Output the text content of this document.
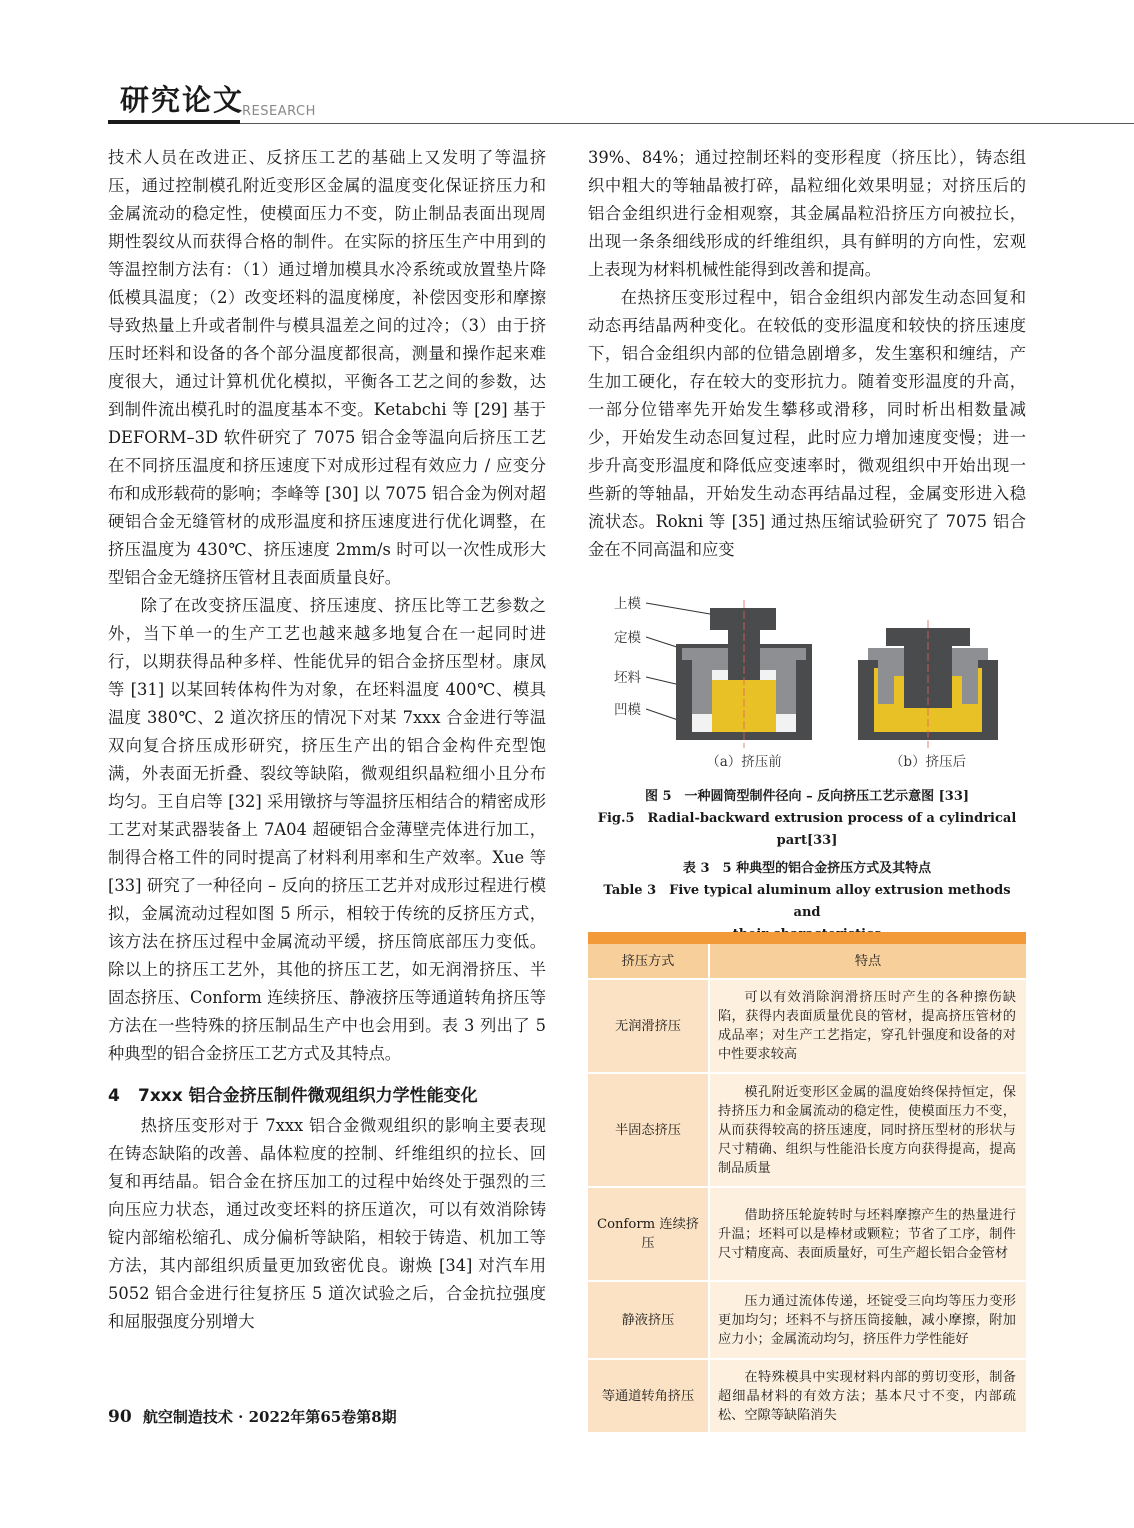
研究论文
RESEARCH

技术人员在改进正、反挤压工艺的基础上又发明了等温挤压，通过控制模孔附近变形区金属的温度变化保证挤压力和金属流动的稳定性，使模面压力不变，防止制品表面出现周期性裂纹从而获得合格的制件。在实际的挤压生产中用到的等温控制方法有：（1）通过增加模具水冷系统或放置垫片降低模具温度；（2）改变坯料的温度梯度，补偿因变形和摩擦导致热量上升或者制件与模具温差之间的过冷；（3）由于挤压时坯料和设备的各个部分温度都很高，测量和操作起来难度很大，通过计算机优化模拟，平衡各工艺之间的参数，达到制件流出模孔时的温度基本不变。Ketabchi 等 [29] 基于 DEFORM–3D 软件研究了 7075 铝合金等温向后挤压工艺在不同挤压温度和挤压速度下对成形过程有效应力 / 应变分布和成形载荷的影响；李峰等 [30] 以 7075 铝合金为例对超硬铝合金无缝管材的成形温度和挤压速度进行优化调整，在挤压温度为 430℃、挤压速度 2mm/s 时可以一次性成形大型铝合金无缝挤压管材且表面质量良好。

除了在改变挤压温度、挤压速度、挤压比等工艺参数之外，当下单一的生产工艺也越来越多地复合在一起同时进行，以期获得品种多样、性能优异的铝合金挤压型材。康凤等 [31] 以某回转体构件为对象，在坯料温度 400℃、模具温度 380℃、2 道次挤压的情况下对某 7xxx 合金进行等温双向复合挤压成形研究，挤压生产出的铝合金构件充型饱满，外表面无折叠、裂纹等缺陷，微观组织晶粒细小且分布均匀。王自启等 [32] 采用镦挤与等温挤压相结合的精密成形工艺对某武器装备上 7A04 超硬铝合金薄壁壳体进行加工，制得合格工件的同时提高了材料利用率和生产效率。Xue 等 [33] 研究了一种径向 – 反向的挤压工艺并对成形过程进行模拟，金属流动过程如图 5 所示，相较于传统的反挤压方式，该方法在挤压过程中金属流动平缓，挤压筒底部压力变低。除以上的挤压工艺外，其他的挤压工艺，如无润滑挤压、半固态挤压、Conform 连续挤压、静液挤压等通道转角挤压等方法在一些特殊的挤压制品生产中也会用到。表 3 列出了 5 种典型的铝合金挤压工艺方式及其特点。

4 7xxx 铝合金挤压制件微观组织力学性能变化

热挤压变形对于 7xxx 铝合金微观组织的影响主要表现在铸态缺陷的改善、晶体粒度的控制、纤维组织的拉长、回复和再结晶。铝合金在挤压加工的过程中始终处于强烈的三向压应力状态，通过改变坯料的挤压道次，可以有效消除铸锭内部缩松缩孔、成分偏析等缺陷，相较于铸造、机加工等方法，其内部组织质量更加致密优良。谢焕 [34] 对汽车用 5052 铝合金进行往复挤压 5 道次试验之后，合金抗拉强度和屈服强度分别增大

39%、84%；通过控制坯料的变形程度（挤压比），铸态组织中粗大的等轴晶被打碎，晶粒细化效果明显；对挤压后的铝合金组织进行金相观察，其金属晶粒沿挤压方向被拉长，出现一条条细线形成的纤维组织，具有鲜明的方向性，宏观上表现为材料机械性能得到改善和提高。

在热挤压变形过程中，铝合金组织内部发生动态回复和动态再结晶两种变化。在较低的变形温度和较快的挤压速度下，铝合金组织内部的位错急剧增多，发生塞积和缠结，产生加工硬化，存在较大的变形抗力。随着变形温度的升高，一部分位错率先开始发生攀移或滑移，同时析出相数量减少，开始发生动态回复过程，此时应力增加速度变慢；进一步升高变形温度和降低应变速率时，微观组织中开始出现一些新的等轴晶，开始发生动态再结晶过程，金属变形进入稳流状态。Rokni 等 [35] 通过热压缩试验研究了 7075 铝合金在不同高温和应变

上模
定模
坯料
凹模
（a）挤压前	（b）挤压后
图 5　一种圆筒型制件径向 – 反向挤压工艺示意图 [33]
Fig.5　Radial-backward extrusion process of a cylindrical part[33]
表 3　5 种典型的铝合金挤压方式及其特点
Table 3　Five typical aluminum alloy extrusion methods and

挤压方式	特点
无润滑挤压	可以有效消除润滑挤压时产生的各种擦伤缺陷，获得内表面质量优良的管材，提高挤压管材的成品率；对生产工艺指定，穿孔针强度和设备的对中性要求较高
半固态挤压	模孔附近变形区金属的温度始终保持恒定，保持挤压力和金属流动的稳定性，使模面压力不变，从而获得较高的挤压速度，同时挤压型材的形状与尺寸精确、组织与性能沿长度方向获得提高，提高制品质量
Conform 连续挤压	借助挤压轮旋转时与坯料摩擦产生的热量进行升温；坯料可以是棒材或颗粒；节省了工序，制件尺寸精度高、表面质量好，可生产超长铝合金管材
静液挤压	压力通过流体传递，坯锭受三向均等压力变形更加均匀；坯料不与挤压筒接触，减小摩擦，附加应力小；金属流动均匀，挤压件力学性能好
等通道转角挤压	在特殊模具中实现材料内部的剪切变形，制备超细晶材料的有效方法；基本尺寸不变，内部疏松、空隙等缺陷消失
90 航空制造技术 · 2022年第65卷第8期
